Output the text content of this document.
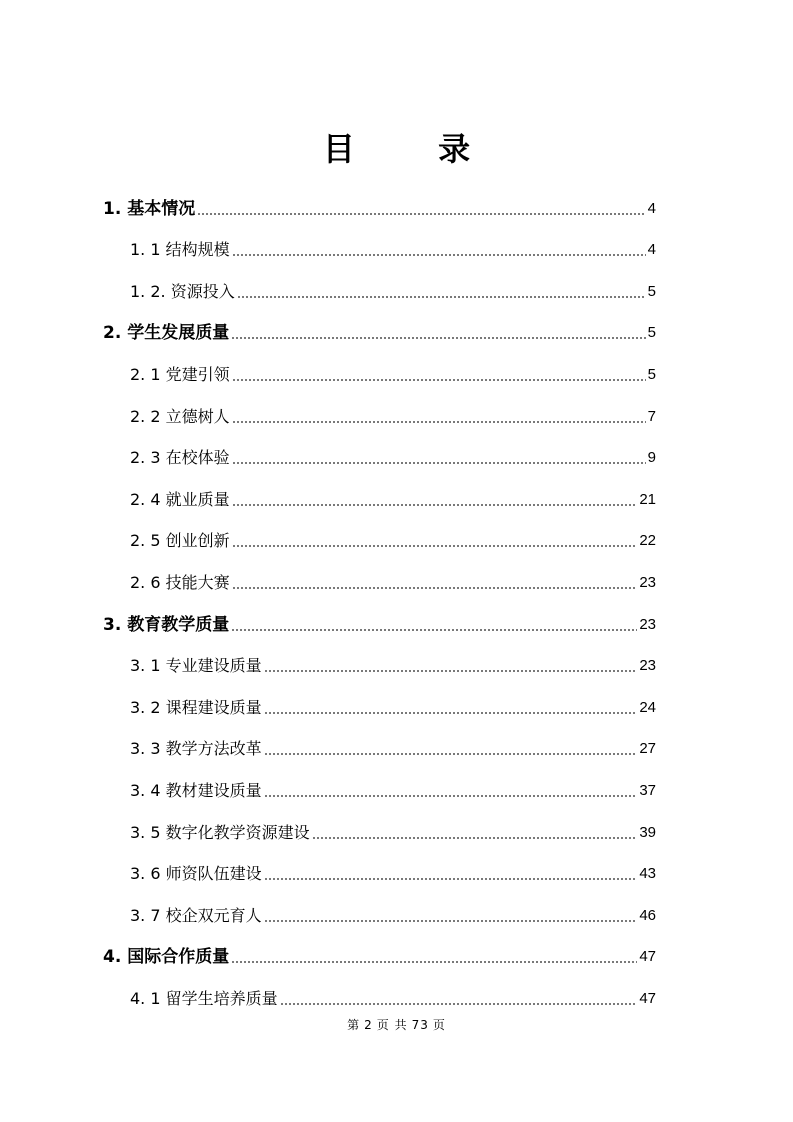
目 录
1. 基本情况	4
1. 1 结构规模	4
1. 2. 资源投入	5
2. 学生发展质量	5
2. 1 党建引领	5
2. 2 立德树人	7
2. 3 在校体验	9
2. 4 就业质量	21
2. 5 创业创新	22
2. 6 技能大赛	23
3. 教育教学质量	23
3. 1 专业建设质量	23
3. 2 课程建设质量	24
3. 3 教学方法改革	27
3. 4 教材建设质量	37
3. 5 数字化教学资源建设	39
3. 6 师资队伍建设	43
3. 7 校企双元育人	46
4. 国际合作质量	47
4. 1 留学生培养质量	47
第 2 页 共 73 页
